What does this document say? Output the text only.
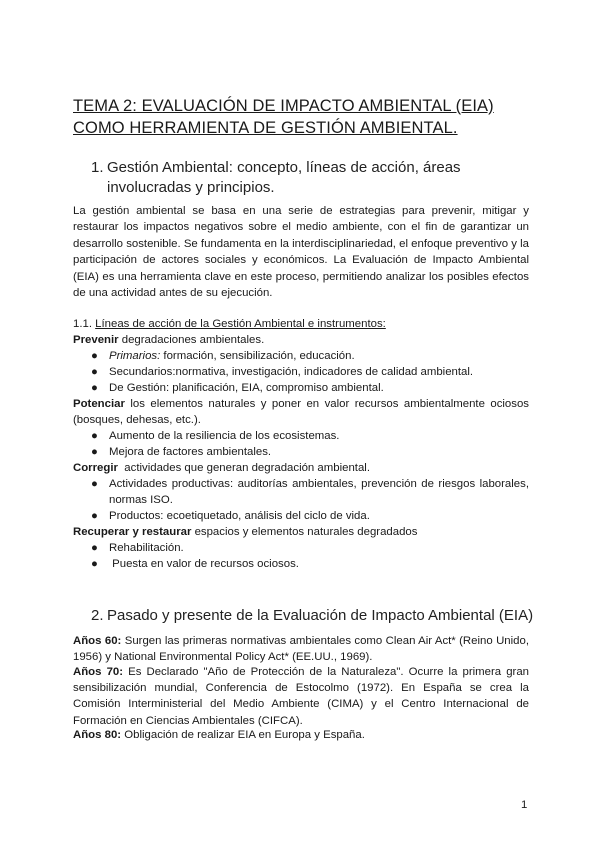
TEMA 2: EVALUACIÓN DE IMPACTO AMBIENTAL (EIA) COMO HERRAMIENTA DE GESTIÓN AMBIENTAL.
1. Gestión Ambiental: concepto, líneas de acción, áreas involucradas y principios.

La gestión ambiental se basa en una serie de estrategias para prevenir, mitigar y restaurar los impactos negativos sobre el medio ambiente, con el fin de garantizar un desarrollo sostenible. Se fundamenta en la interdisciplinariedad, el enfoque preventivo y la participación de actores sociales y económicos. La Evaluación de Impacto Ambiental (EIA) es una herramienta clave en este proceso, permitiendo analizar los posibles efectos de una actividad antes de su ejecución.

1.1. Líneas de acción de la Gestión Ambiental e instrumentos:
Prevenir degradaciones ambientales.
● Primarios: formación, sensibilización, educación.
● Secundarios:normativa, investigación, indicadores de calidad ambiental.
● De Gestión: planificación, EIA, compromiso ambiental.
Potenciar los elementos naturales y poner en valor recursos ambientalmente ociosos (bosques, dehesas, etc.).
● Aumento de la resiliencia de los ecosistemas.
● Mejora de factores ambientales.
Corregir  actividades que generan degradación ambiental.
● Actividades productivas: auditorías ambientales, prevención de riesgos laborales, normas ISO.
● Productos: ecoetiquetado, análisis del ciclo de vida.
Recuperar y restaurar espacios y elementos naturales degradados
● Rehabilitación.
● Puesta en valor de recursos ociosos.
2. Pasado y presente de la Evaluación de Impacto Ambiental (EIA)
Años 60: Surgen las primeras normativas ambientales como Clean Air Act* (Reino Unido, 1956) y National Environmental Policy Act* (EE.UU., 1969).
Años 70: Es Declarado "Año de Protección de la Naturaleza". Ocurre la primera gran sensibilización mundial, Conferencia de Estocolmo (1972). En España se crea la Comisión Interministerial del Medio Ambiente (CIMA) y el Centro Internacional de Formación en Ciencias Ambientales (CIFCA).
Años 80: Obligación de realizar EIA en Europa y España.
1
